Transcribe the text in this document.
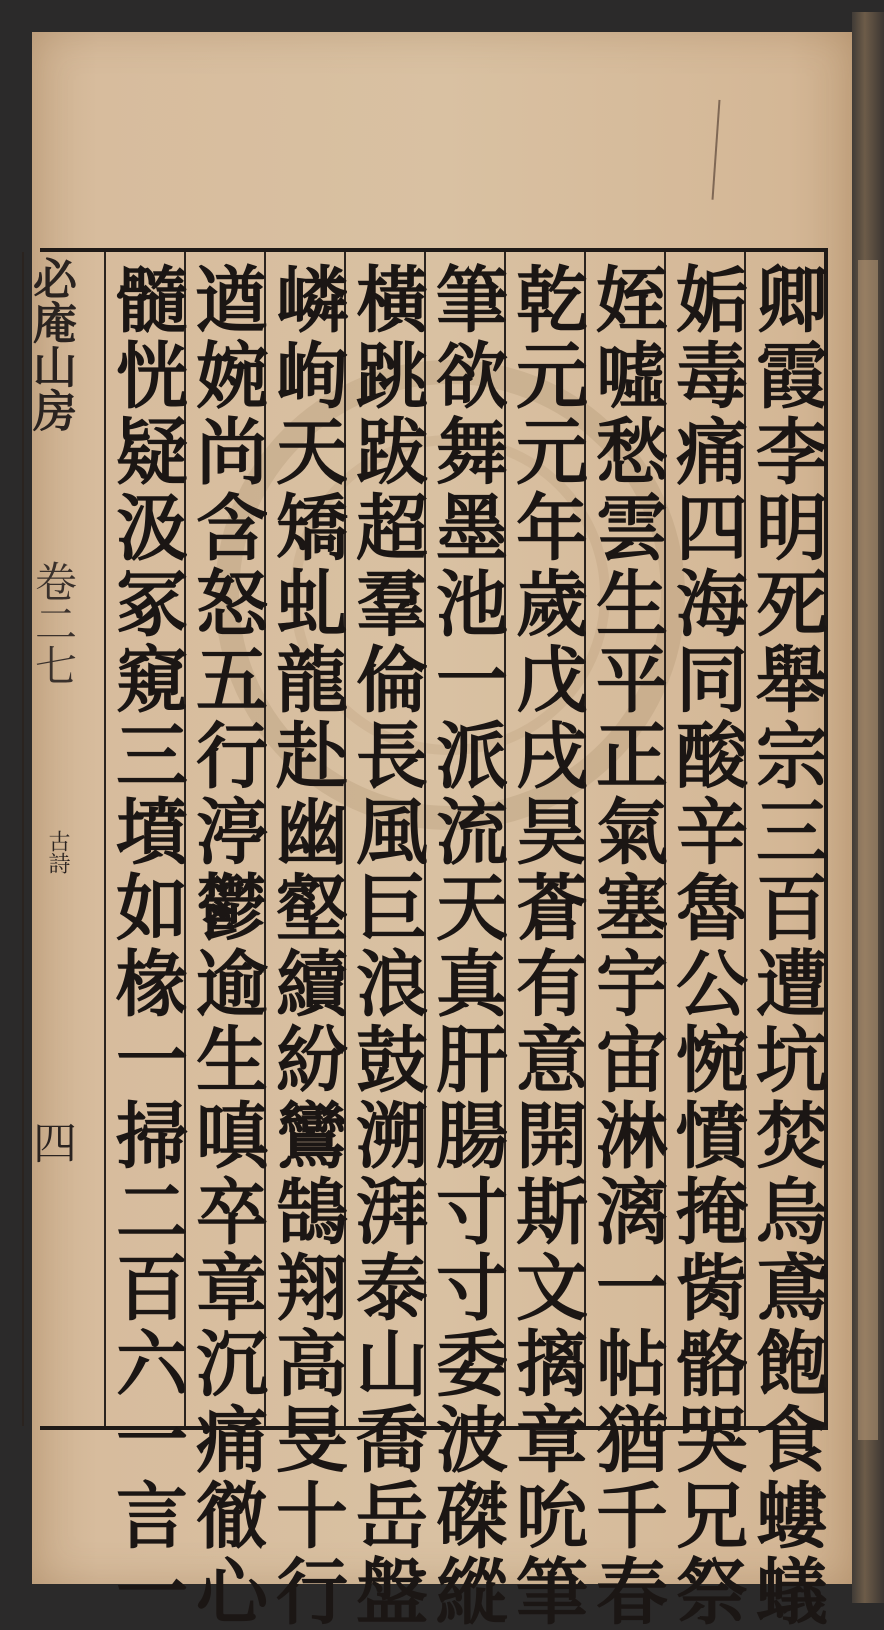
必庵山房
卷二七
古詩
四	卿霞李明死舉宗三百遭坑焚烏鳶飽食螻蟻
姤毒痛四海同酸辛魯公惋憤掩胔骼哭兄祭
姪噓愁雲生平正氣塞宇宙淋漓一帖猶千春
乾元元年歲戊戌昊蒼有意開斯文摛章吮筆
筆欲舞墨池一派流天真肝腸寸寸委波磔縱
橫跳跋超羣倫長風巨浪鼓溯湃泰山喬岳盤
嶙峋天矯虬龍赴幽壑續紛鸞鵠翔高旻十行
遒婉尚含怒五行渟鬱逾生嗔卒章沉痛徹心
髓恍疑汲冢窺三墳如椽一掃二百六一言一
